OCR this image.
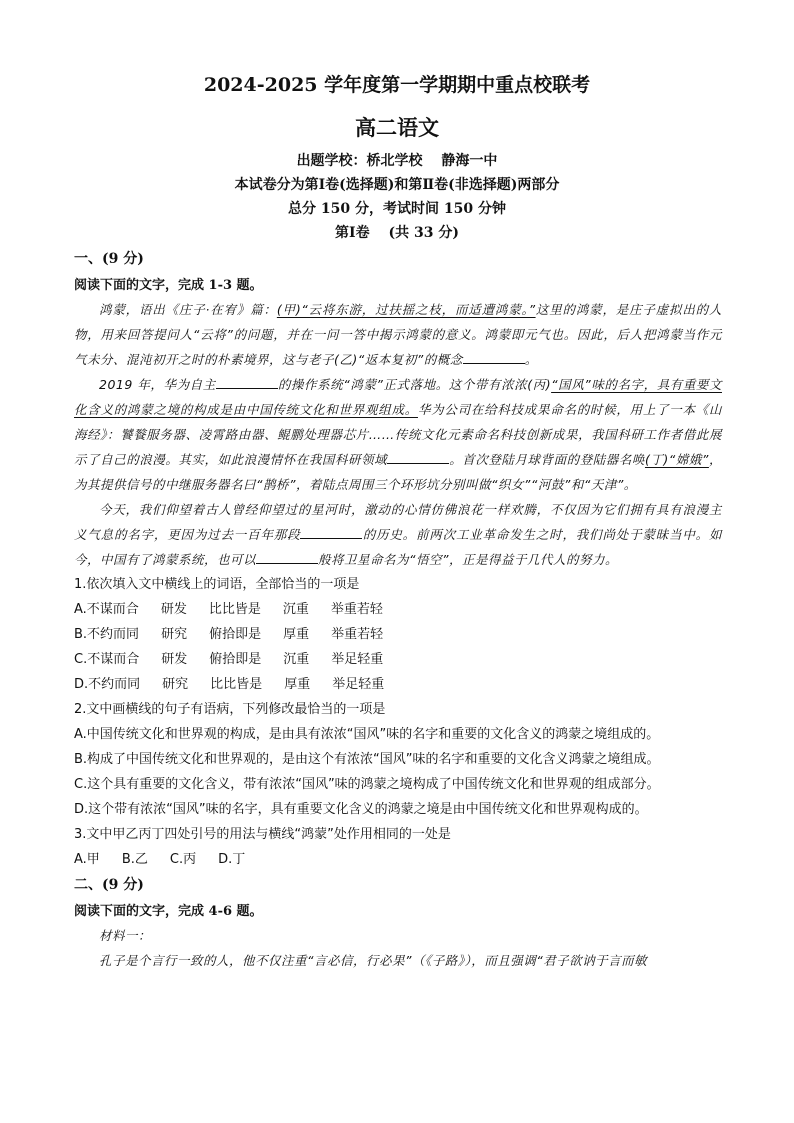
2024-2025 学年度第一学期期中重点校联考
高二语文
出题学校：桥北学校　 静海一中
本试卷分为第Ⅰ卷(选择题)和第Ⅱ卷(非选择题)两部分
总分 150 分，考试时间 150 分钟
第Ⅰ卷　 (共 33 分)
一、(9 分)
阅读下面的文字，完成 1-3 题。
鸿蒙，语出《庄子·在宥》篇：(甲)“云将东游，过扶摇之枝，而适遭鸿蒙。”这里的鸿蒙，是庄子虚拟出的人物，用来回答提问人“云将”的问题，并在一问一答中揭示鸿蒙的意义。鸿蒙即元气也。因此，后人把鸿蒙当作元气未分、混沌初开之时的朴素境界，这与老子(乙)“返本复初”的概念	。
2019 年，华为自主	的操作系统“鸿蒙”正式落地。这个带有浓浓(丙)“国风”味的名字，具有重要文化含义的鸿蒙之境的构成是由中国传统文化和世界观组成。华为公司在给科技成果命名的时候，用上了一本《山海经》：饕餮服务器、凌霄路由器、鲲鹏处理器芯片……传统文化元素命名科技创新成果，我国科研工作者借此展示了自己的浪漫。其实，如此浪漫情怀在我国科研领域	。首次登陆月球背面的登陆器名唤(丁)“嫦娥”，为其提供信号的中继服务器名曰“鹊桥”，着陆点周围三个环形坑分别叫做“织女”“河鼓”和“天津”。
今天，我们仰望着古人曾经仰望过的星河时，激动的心情仿佛浪花一样欢腾，不仅因为它们拥有具有浪漫主义气息的名字，更因为过去一百年那段	的历史。前两次工业革命发生之时，我们尚处于蒙昧当中。如今，中国有了鸿蒙系统，也可以	般将卫星命名为“悟空”，正是得益于几代人的努力。
1.依次填入文中横线上的词语，全部恰当的一项是
A.不谋而合 研发 比比皆是 沉重 举重若轻
B.不约而同 研究 俯拾即是 厚重 举重若轻
C.不谋而合 研发 俯拾即是 沉重 举足轻重
D.不约而同 研究 比比皆是 厚重 举足轻重
2.文中画横线的句子有语病，下列修改最恰当的一项是
A.中国传统文化和世界观的构成，是由具有浓浓“国风”味的名字和重要的文化含义的鸿蒙之境组成的。
B.构成了中国传统文化和世界观的，是由这个有浓浓“国风”味的名字和重要的文化含义鸿蒙之境组成。
C.这个具有重要的文化含义，带有浓浓“国风”味的鸿蒙之境构成了中国传统文化和世界观的组成部分。
D.这个带有浓浓“国风”味的名字，具有重要文化含义的鸿蒙之境是由中国传统文化和世界观构成的。
3.文中甲乙丙丁四处引号的用法与横线“鸿蒙”处作用相同的一处是
A.甲 B.乙 C.丙 D.丁
二、(9 分)
阅读下面的文字，完成 4-6 题。
材料一：
孔子是个言行一致的人，他不仅注重“言必信，行必果”（《子路》），而且强调“君子欲讷于言而敏
